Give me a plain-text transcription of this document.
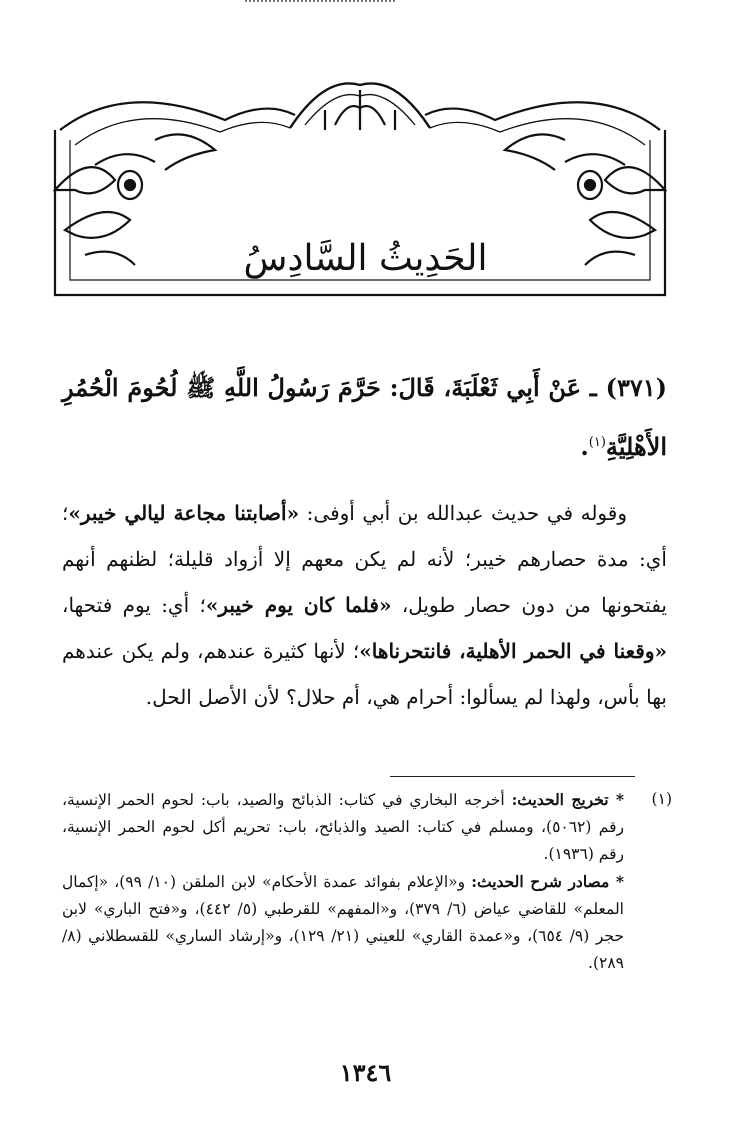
الحَدِيثُ السَّادِسُ
(٣٧١) ـ عَنْ أَبِي ثَعْلَبَةَ، قَالَ: حَرَّمَ رَسُولُ اللَّهِ ﷺ لُحُومَ الْحُمُرِ الأَهْلِيَّةِ$^{(١)}$.
وقوله في حديث عبدالله بن أبي أوفى: «أصابتنا مجاعة ليالي خيبر»؛ أي: مدة حصارهم خيبر؛ لأنه لم يكن معهم إلا أزواد قليلة؛ لظنهم أنهم يفتحونها من دون حصار طويل، «فلما كان يوم خيبر»؛ أي: يوم فتحها، «وقعنا في الحمر الأهلية، فانتحرناها»؛ لأنها كثيرة عندهم، ولم يكن عندهم بها بأس، ولهذا لم يسألوا: أحرام هي، أم حلال؟ لأن الأصل الحل.
(١)
* تخريج الحديث: أخرجه البخاري في كتاب: الذبائح والصيد، باب: لحوم الحمر الإنسية، رقم (٥٠٦٢)، ومسلم في كتاب: الصيد والذبائح، باب: تحريم أكل لحوم الحمر الإنسية، رقم (١٩٣٦).
* مصادر شرح الحديث: و«الإعلام بفوائد عمدة الأحكام» لابن الملقن (١٠/ ٩٩)، «إكمال المعلم» للقاضي عياض (٦/ ٣٧٩)، و«المفهم» للقرطبي (٥/ ٤٤٢)، و«فتح الباري» لابن حجر (٩/ ٦٥٤)، و«عمدة القاري» للعيني (٢١/ ١٢٩)، و«إرشاد الساري» للقسطلاني (٨/ ٢٨٩).
١٣٤٦
